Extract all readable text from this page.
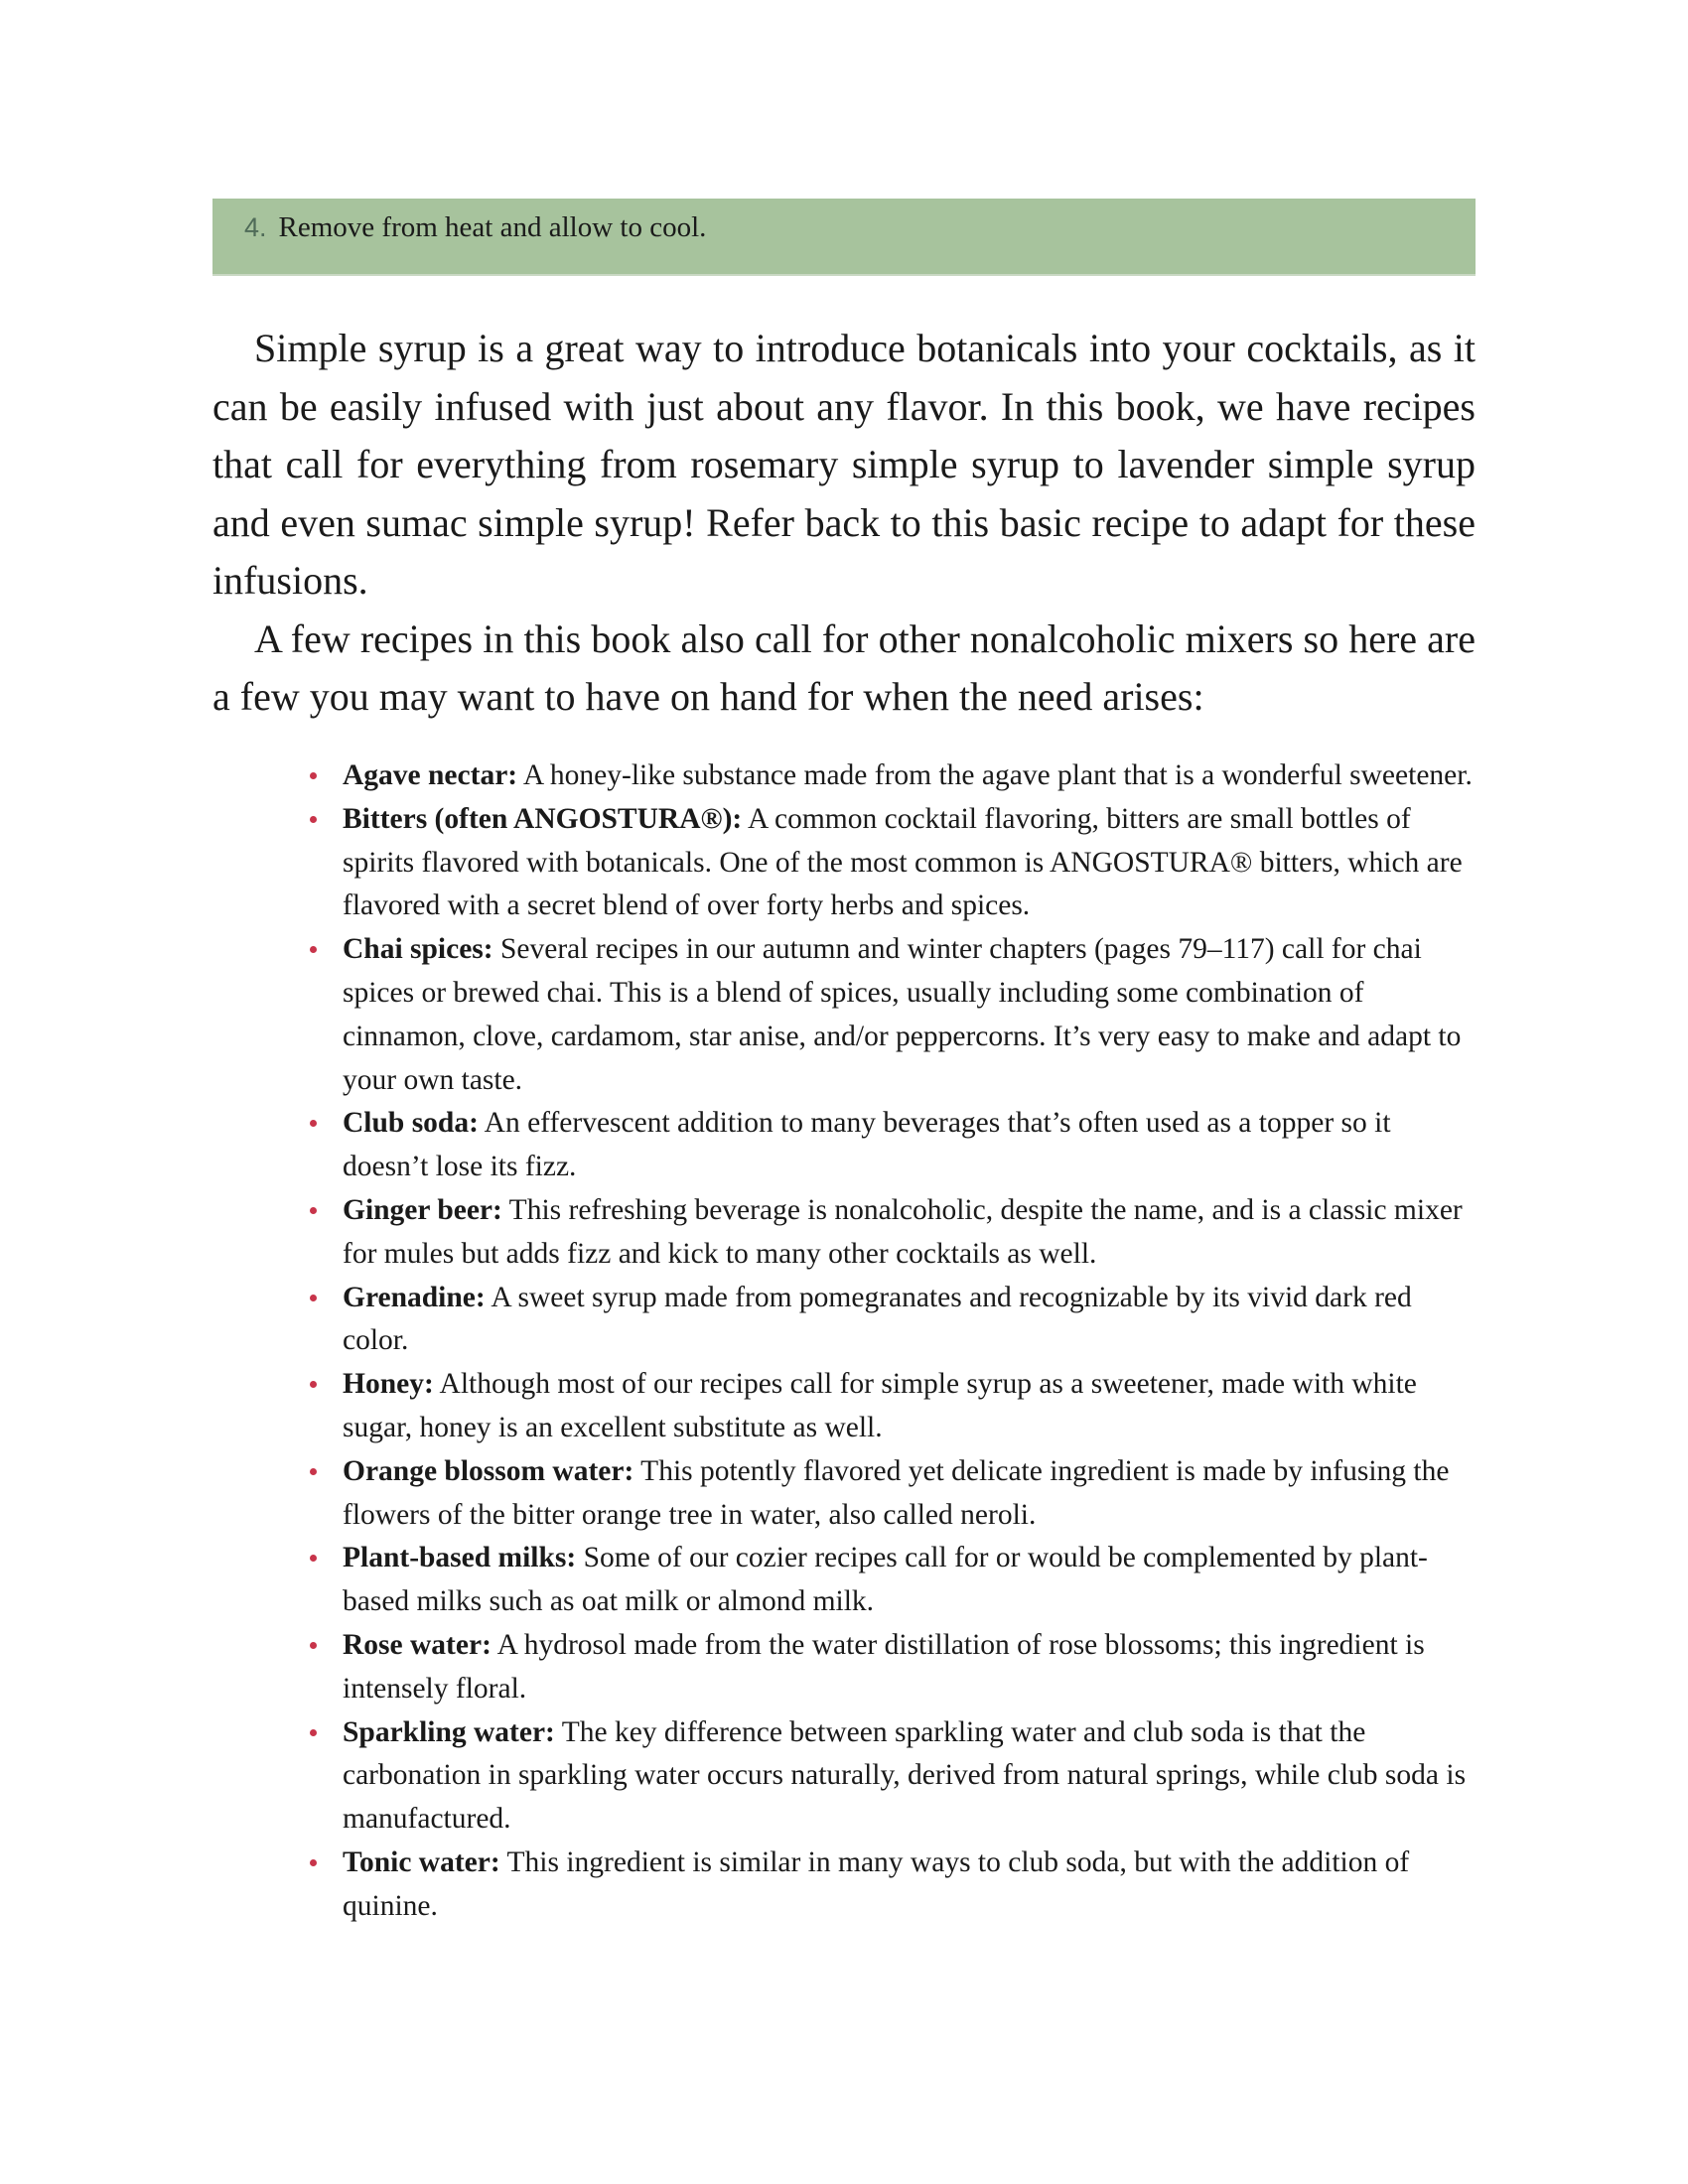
4. Remove from heat and allow to cool.

Simple syrup is a great way to introduce botanicals into your cocktails, as it can be easily infused with just about any flavor. In this book, we have recipes that call for everything from rosemary simple syrup to lavender simple syrup and even sumac simple syrup! Refer back to this basic recipe to adapt for these infusions.

A few recipes in this book also call for other nonalcoholic mixers so here are a few you may want to have on hand for when the need arises:

Agave nectar: A honey-like substance made from the agave plant that is a wonderful sweetener.
Bitters (often ANGOSTURA®): A common cocktail flavoring, bitters are small bottles of spirits flavored with botanicals. One of the most common is ANGOSTURA® bitters, which are flavored with a secret blend of over forty herbs and spices.
Chai spices: Several recipes in our autumn and winter chapters (pages 79–117) call for chai spices or brewed chai. This is a blend of spices, usually including some combination of cinnamon, clove, cardamom, star anise, and/or peppercorns. It’s very easy to make and adapt to your own taste.
Club soda: An effervescent addition to many beverages that’s often used as a topper so it doesn’t lose its fizz.
Ginger beer: This refreshing beverage is nonalcoholic, despite the name, and is a classic mixer for mules but adds fizz and kick to many other cocktails as well.
Grenadine: A sweet syrup made from pomegranates and recognizable by its vivid dark red color.
Honey: Although most of our recipes call for simple syrup as a sweetener, made with white sugar, honey is an excellent substitute as well.
Orange blossom water: This potently flavored yet delicate ingredient is made by infusing the flowers of the bitter orange tree in water, also called neroli.
Plant-based milks: Some of our cozier recipes call for or would be complemented by plant-based milks such as oat milk or almond milk.
Rose water: A hydrosol made from the water distillation of rose blossoms; this ingredient is intensely floral.
Sparkling water: The key difference between sparkling water and club soda is that the carbonation in sparkling water occurs naturally, derived from natural springs, while club soda is manufactured.
Tonic water: This ingredient is similar in many ways to club soda, but with the addition of quinine.
